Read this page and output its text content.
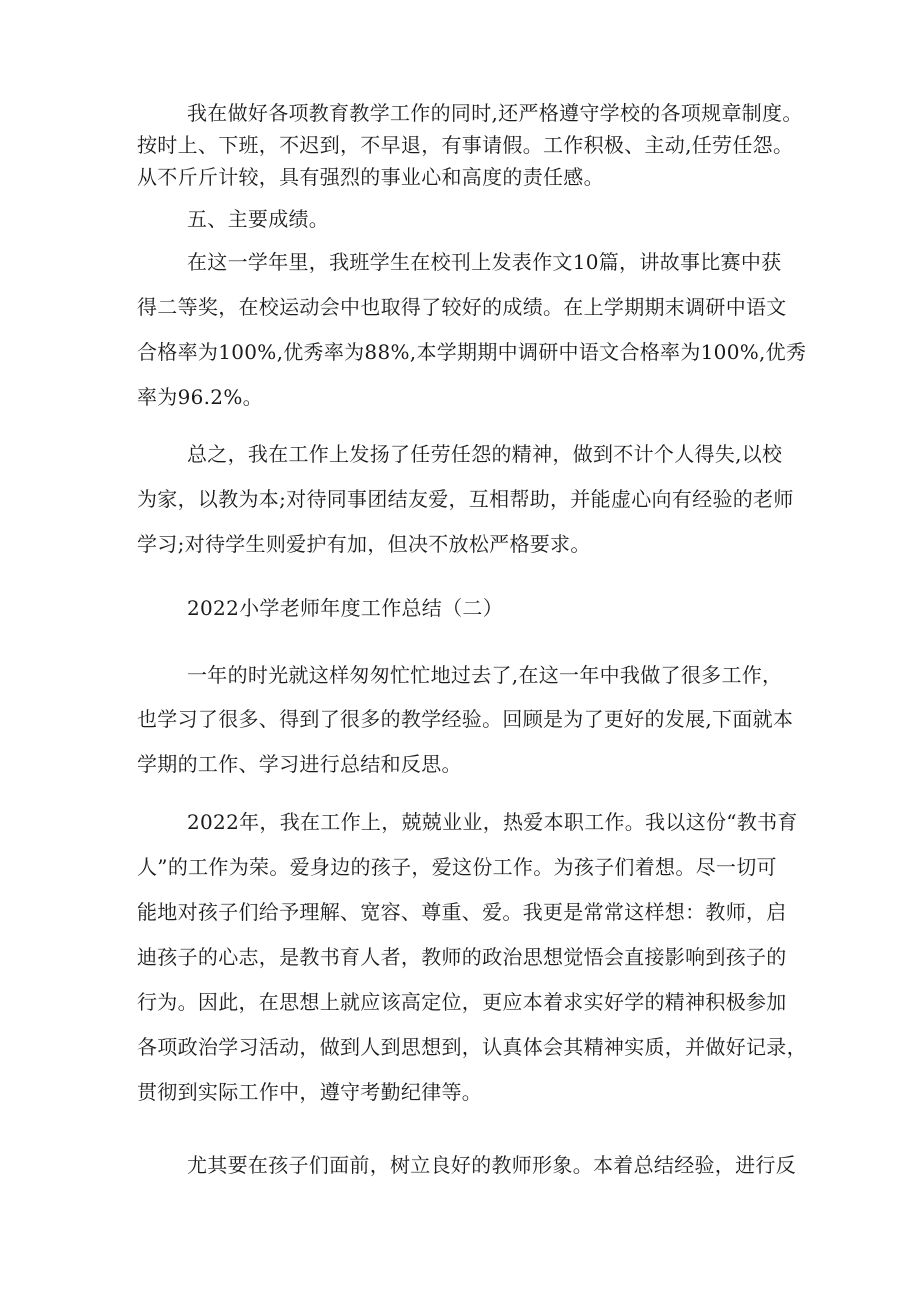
我在做好各项教育教学工作的同时,还严格遵守学校的各项规章制度。
按时上、下班，不迟到，不早退，有事请假。工作积极、主动,任劳任怨。
从不斤斤计较，具有强烈的事业心和高度的责任感。
五、主要成绩。
在这一学年里，我班学生在校刊上发表作文10篇，讲故事比赛中获
得二等奖，在校运动会中也取得了较好的成绩。在上学期期末调研中语文
合格率为100%,优秀率为88%,本学期期中调研中语文合格率为100%,优秀
率为96.2%。
总之，我在工作上发扬了任劳任怨的精神，做到不计个人得失,以校
为家，以教为本;对待同事团结友爱，互相帮助，并能虚心向有经验的老师
学习;对待学生则爱护有加，但决不放松严格要求。
2022小学老师年度工作总结（二）
一年的时光就这样匆匆忙忙地过去了,在这一年中我做了很多工作，
也学习了很多、得到了很多的教学经验。回顾是为了更好的发展,下面就本
学期的工作、学习进行总结和反思。
2022年，我在工作上，兢兢业业，热爱本职工作。我以这份“教书育
人”的工作为荣。爱身边的孩子，爱这份工作。为孩子们着想。尽一切可
能地对孩子们给予理解、宽容、尊重、爱。我更是常常这样想：教师，启
迪孩子的心志，是教书育人者，教师的政治思想觉悟会直接影响到孩子的
行为。因此，在思想上就应该高定位，更应本着求实好学的精神积极参加
各项政治学习活动，做到人到思想到，认真体会其精神实质，并做好记录，
贯彻到实际工作中，遵守考勤纪律等。
尤其要在孩子们面前，树立良好的教师形象。本着总结经验，进行反
